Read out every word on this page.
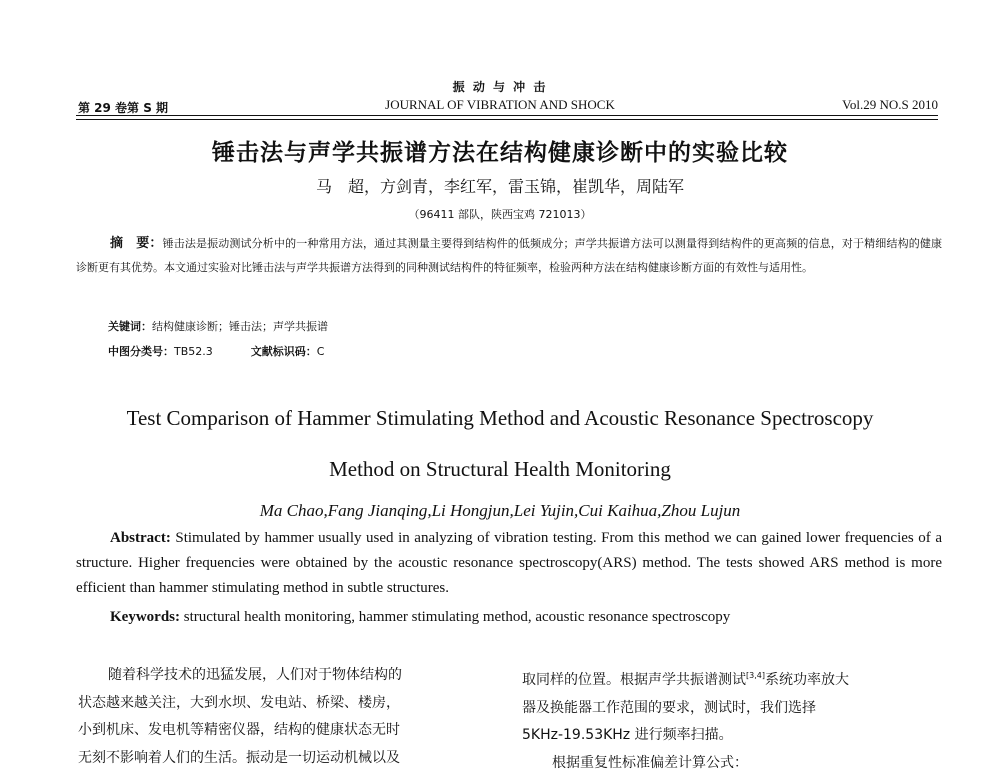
振 动 与 冲 击
第 29 卷第 S 期	JOURNAL OF VIBRATION AND SHOCK	Vol.29 NO.S 2010
锤击法与声学共振谱方法在结构健康诊断中的实验比较
马　超，方剑青，李红军，雷玉锦，崔凯华，周陆军
（96411 部队，陕西宝鸡 721013）
摘　要：锤击法是振动测试分析中的一种常用方法，通过其测量主要得到结构件的低频成分；声学共振谱方法可以测量得到结构件的更高频的信息，对于精细结构的健康诊断更有其优势。本文通过实验对比锤击法与声学共振谱方法得到的同种测试结构件的特征频率，检验两种方法在结构健康诊断方面的有效性与适用性。
关键词：结构健康诊断；锤击法；声学共振谱
中图分类号：TB52.3	文献标识码：C
Test Comparison of Hammer Stimulating Method and Acoustic Resonance Spectroscopy
Method on Structural Health Monitoring
Ma Chao,Fang Jianqing,Li Hongjun,Lei Yujin,Cui Kaihua,Zhou Lujun
Abstract: Stimulated by hammer usually used in analyzing of vibration testing. From this method we can gained lower frequencies of a structure. Higher frequencies were obtained by the acoustic resonance spectroscopy(ARS) method. The tests showed ARS method is more efficient than hammer stimulating method in subtle structures.
Keywords: structural health monitoring, hammer stimulating method, acoustic resonance spectroscopy
随着科学技术的迅猛发展，人们对于物体结构的
状态越来越关注，大到水坝、发电站、桥梁、楼房，
小到机床、发电机等精密仪器，结构的健康状态无时
无刻不影响着人们的生活。振动是一切运动机械以及
取同样的位置。根据声学共振谱测试[3,4]系统功率放大
器及换能器工作范围的要求，测试时，我们选择
5KHz-19.53KHz 进行频率扫描。
根据重复性标准偏差计算公式：
